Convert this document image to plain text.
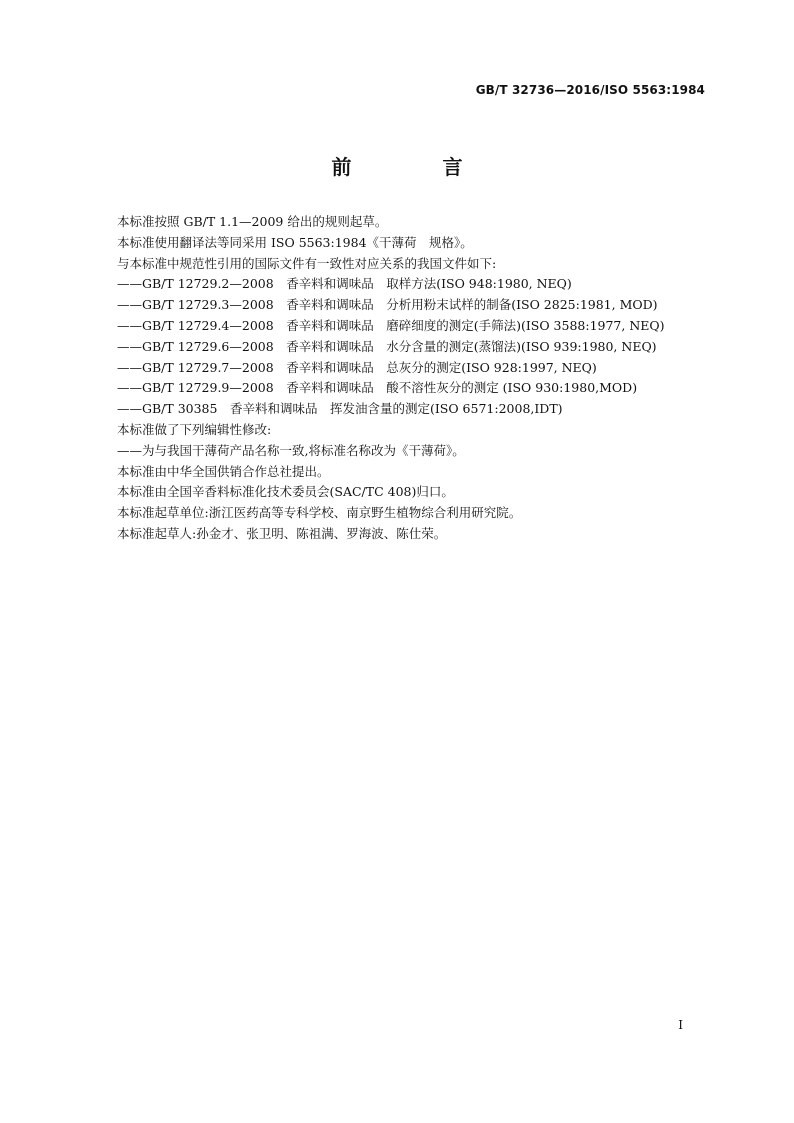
GB/T 32736—2016/ISO 5563:1984
前 言
本标准按照 GB/T 1.1—2009 给出的规则起草。
本标准使用翻译法等同采用 ISO 5563:1984《干薄荷　规格》。
与本标准中规范性引用的国际文件有一致性对应关系的我国文件如下:
——GB/T 12729.2—2008　香辛料和调味品　取样方法(ISO 948:1980, NEQ)
——GB/T 12729.3—2008　香辛料和调味品　分析用粉末试样的制备(ISO 2825:1981, MOD)
——GB/T 12729.4—2008　香辛料和调味品　磨碎细度的测定(手筛法)(ISO 3588:1977, NEQ)
——GB/T 12729.6—2008　香辛料和调味品　水分含量的测定(蒸馏法)(ISO 939:1980, NEQ)
——GB/T 12729.7—2008　香辛料和调味品　总灰分的测定(ISO 928:1997, NEQ)
——GB/T 12729.9—2008　香辛料和调味品　酸不溶性灰分的测定 (ISO 930:1980,MOD)
——GB/T 30385　香辛料和调味品　挥发油含量的测定(ISO 6571:2008,IDT)
本标准做了下列编辑性修改:
——为与我国干薄荷产品名称一致,将标准名称改为《干薄荷》。
本标准由中华全国供销合作总社提出。
本标准由全国辛香料标准化技术委员会(SAC/TC 408)归口。
本标准起草单位:浙江医药高等专科学校、南京野生植物综合利用研究院。
本标准起草人:孙金才、张卫明、陈祖满、罗海波、陈仕荣。
I
